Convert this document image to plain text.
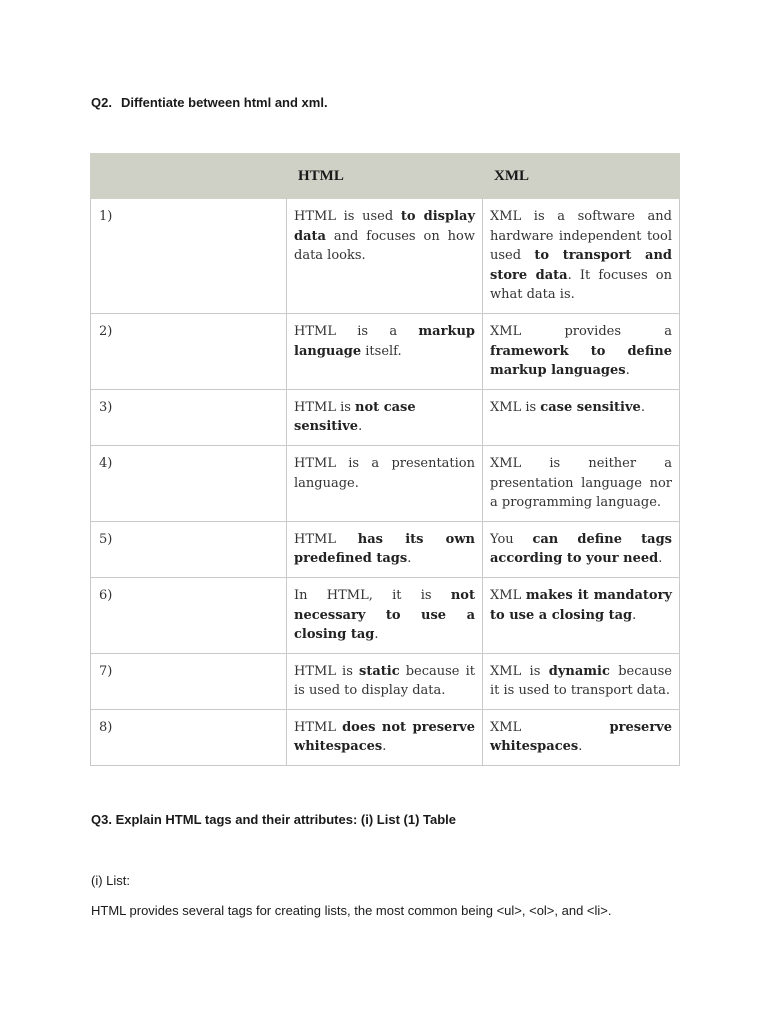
Q2. Diffentiate between html and xml.

	HTML	XML
1)	HTML is used to display data and focuses on how data looks.	XML is a software and hardware independent tool used to transport and store data. It focuses on what data is.
2)	HTML is a markup language itself.	XML provides a framework to define markup languages.
3)	HTML is not case sensitive.	XML is case sensitive.
4)	HTML is a presentation language.	XML is neither a presentation language nor a programming language.
5)	HTML has its own predefined tags.	You can define tags according to your need.
6)	In HTML, it is not necessary to use a closing tag.	XML makes it mandatory to use a closing tag.
7)	HTML is static because it is used to display data.	XML is dynamic because it is used to transport data.
8)	HTML does not preserve whitespaces.	XML preserve whitespaces.

Q3. Explain HTML tags and their attributes: (i) List (1) Table

(i) List:

HTML provides several tags for creating lists, the most common being <ul>, <ol>, and <li>.
